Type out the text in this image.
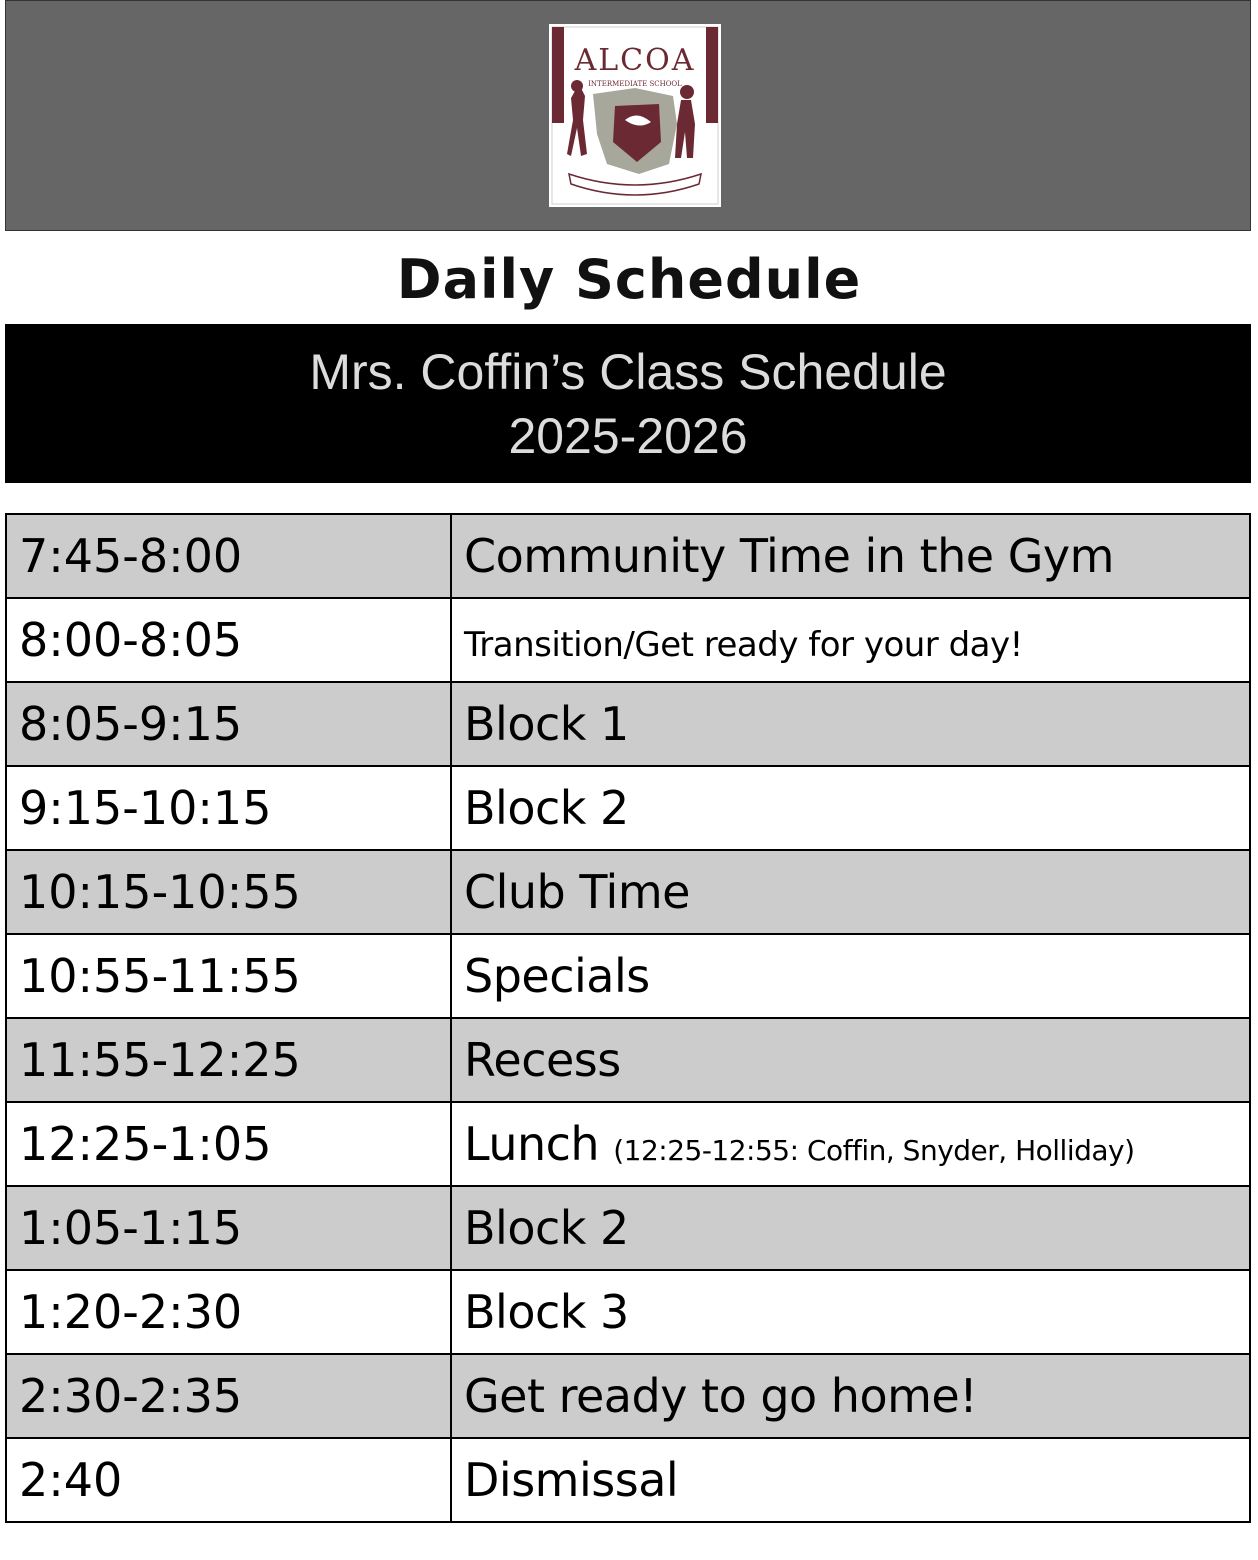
ALCOA
INTERMEDIATE SCHOOL
Daily Schedule
Mrs. Coffin’s Class Schedule
2025-2026
7:45-8:00	Community Time in the Gym
8:00-8:05	Transition/Get ready for your day!
8:05-9:15	Block 1
9:15-10:15	Block 2
10:15-10:55	Club Time
10:55-11:55	Specials
11:55-12:25	Recess
12:25-1:05	Lunch (12:25-12:55: Coffin, Snyder, Holliday)
1:05-1:15	Block 2
1:20-2:30	Block 3
2:30-2:35	Get ready to go home!
2:40	Dismissal
